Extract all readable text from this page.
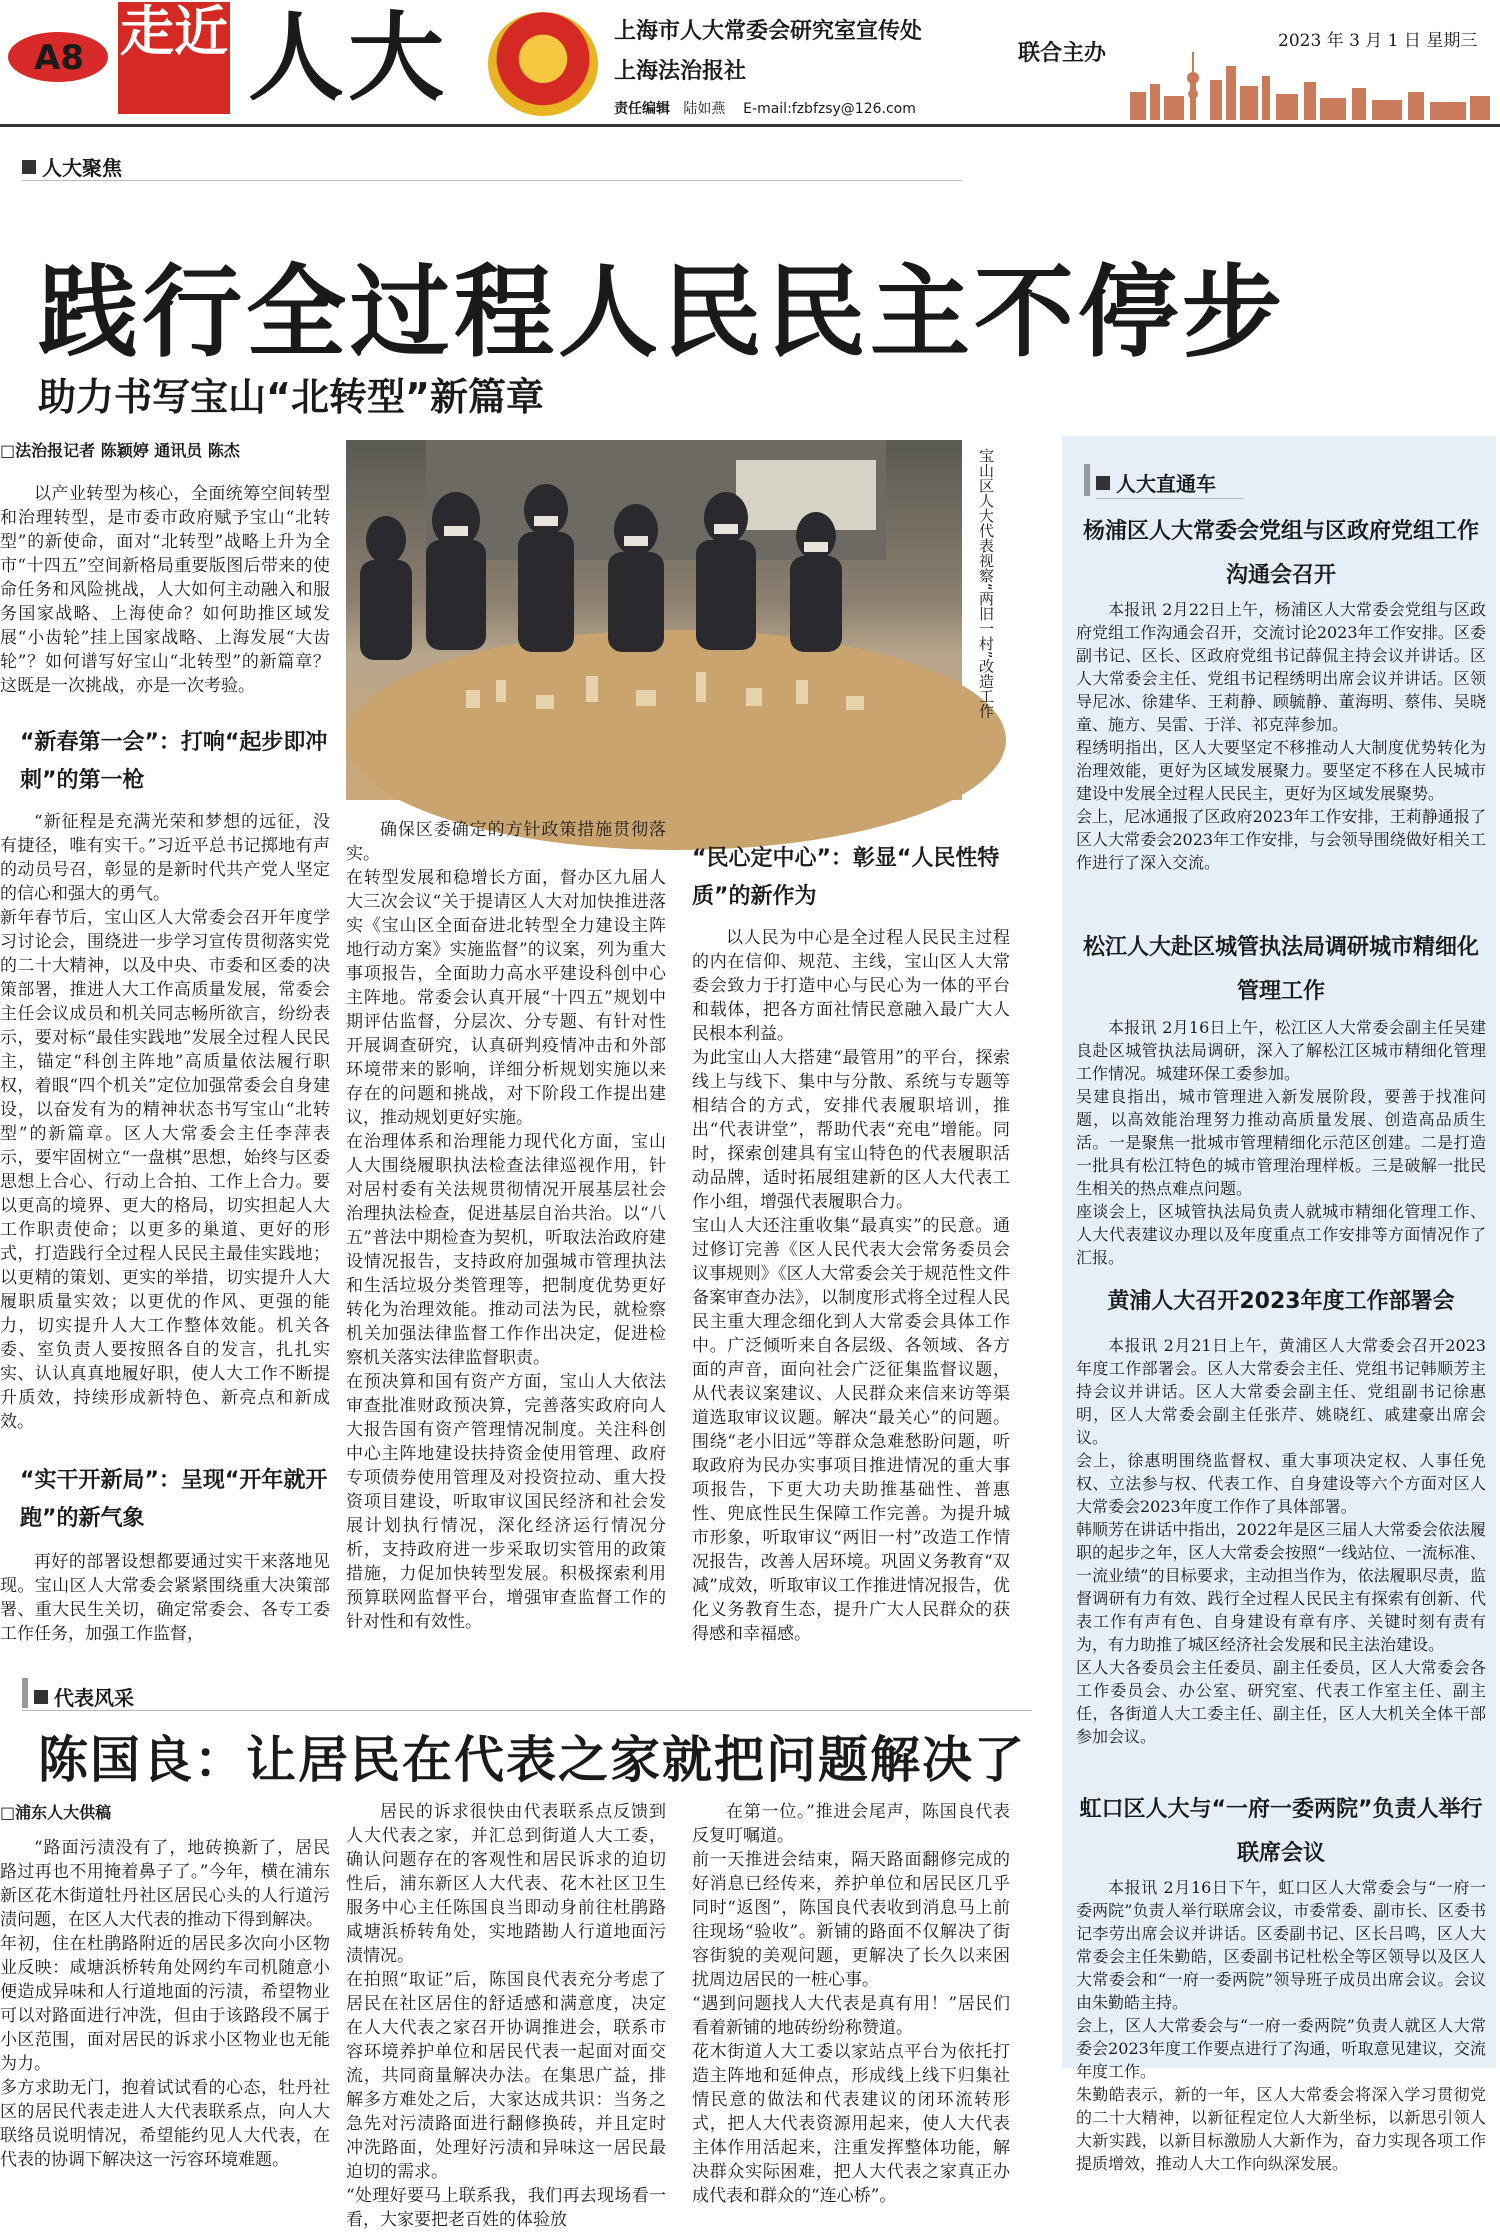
A8 走近 人大	上海市人大常委会研究室宣传处
上海法治报社
责任编辑 陆如燕 E-mail:fzbfzsy@126.com
联合主办	2023 年 3 月 1 日 星期三
人大聚焦
践行全过程人民民主不停步
助力书写宝山“北转型”新篇章
□法治报记者 陈颖婷 通讯员 陈杰
以产业转型为核心，全面统筹空间转型和治理转型，是市委市政府赋予宝山“北转型”的新使命，面对“北转型”战略上升为全市“十四五”空间新格局重要版图后带来的使命任务和风险挑战，人大如何主动融入和服务国家战略、上海使命？如何助推区域发展“小齿轮”挂上国家战略、上海发展“大齿轮”？如何谱写好宝山“北转型”的新篇章？这既是一次挑战，亦是一次考验。
“新春第一会”：打响“起步即冲刺”的第一枪
“新征程是充满光荣和梦想的远征，没有捷径，唯有实干。”习近平总书记掷地有声的动员号召，彰显的是新时代共产党人坚定的信心和强大的勇气。
新年春节后，宝山区人大常委会召开年度学习讨论会，围绕进一步学习宣传贯彻落实党的二十大精神，以及中央、市委和区委的决策部署，推进人大工作高质量发展，常委会主任会议成员和机关同志畅所欲言，纷纷表示，要对标“最佳实践地”发展全过程人民民主，锚定“科创主阵地”高质量依法履行职权，着眼“四个机关”定位加强常委会自身建设，以奋发有为的精神状态书写宝山“北转型”的新篇章。区人大常委会主任李萍表示，要牢固树立“一盘棋”思想，始终与区委思想上合心、行动上合拍、工作上合力。要以更高的境界、更大的格局，切实担起人大工作职责使命；以更多的巢道、更好的形式，打造践行全过程人民民主最佳实践地；以更精的策划、更实的举措，切实提升人大履职质量实效；以更优的作风、更强的能力，切实提升人大工作整体效能。机关各委、室负责人要按照各自的发言，扎扎实实、认认真真地履好职，使人大工作不断提升质效，持续形成新特色、新亮点和新成效。
“实干开新局”：呈现“开年就开跑”的新气象
再好的部署设想都要通过实干来落地见现。宝山区人大常委会紧紧围绕重大决策部署、重大民生关切，确定常委会、各专工委工作任务，加强工作监督，
宝山区人大代表视察“两旧一村”改造工作
确保区委确定的方针政策措施贯彻落实。
在转型发展和稳增长方面，督办区九届人大三次会议“关于提请区人大对加快推进落实《宝山区全面奋进北转型全力建设主阵地行动方案》实施监督”的议案，列为重大事项报告，全面助力高水平建设科创中心主阵地。常委会认真开展“十四五”规划中期评估监督，分层次、分专题、有针对性开展调查研究，认真研判疫情冲击和外部环境带来的影响，详细分析规划实施以来存在的问题和挑战，对下阶段工作提出建议，推动规划更好实施。
在治理体系和治理能力现代化方面，宝山人大围绕履职执法检查法律巡视作用，针对居村委有关法规贯彻情况开展基层社会治理执法检查，促进基层自治共治。以“八五”普法中期检查为契机，听取法治政府建设情况报告，支持政府加强城市管理执法和生活垃圾分类管理等，把制度优势更好转化为治理效能。推动司法为民，就检察机关加强法律监督工作作出决定，促进检察机关落实法律监督职责。
在预决算和国有资产方面，宝山人大依法审查批准财政预决算，完善落实政府向人大报告国有资产管理情况制度。关注科创中心主阵地建设扶持资金使用管理、政府专项债券使用管理及对投资拉动、重大投资项目建设，听取审议国民经济和社会发展计划执行情况，深化经济运行情况分析，支持政府进一步采取切实管用的政策措施，力促加快转型发展。积极探索利用预算联网监督平台，增强审查监督工作的针对性和有效性。
“民心定中心”：彰显“人民性特质”的新作为
以人民为中心是全过程人民民主过程的内在信仰、规范、主线，宝山区人大常委会致力于打造中心与民心为一体的平台和载体，把各方面社情民意融入最广大人民根本利益。
为此宝山人大搭建“最管用”的平台，探索线上与线下、集中与分散、系统与专题等相结合的方式，安排代表履职培训，推出“代表讲堂”，帮助代表“充电”增能。同时，探索创建具有宝山特色的代表履职活动品牌，适时拓展组建新的区人大代表工作小组，增强代表履职合力。
宝山人大还注重收集“最真实”的民意。通过修订完善《区人民代表大会常务委员会议事规则》《区人大常委会关于规范性文件备案审查办法》，以制度形式将全过程人民民主重大理念细化到人大常委会具体工作中。广泛倾听来自各层级、各领域、各方面的声音，面向社会广泛征集监督议题，从代表议案建议、人民群众来信来访等渠道选取审议议题。解决“最关心”的问题。围绕“老小旧远”等群众急难愁盼问题，听取政府为民办实事项目推进情况的重大事项报告，下更大功夫助推基础性、普惠性、兜底性民生保障工作完善。为提升城市形象，听取审议“两旧一村”改造工作情况报告，改善人居环境。巩固义务教育“双减”成效，听取审议工作推进情况报告，优化义务教育生态，提升广大人民群众的获得感和幸福感。
人大直通车
杨浦区人大常委会党组与区政府党组工作沟通会召开
本报讯 2月22日上午，杨浦区人大常委会党组与区政府党组工作沟通会召开，交流讨论2023年工作安排。区委副书记、区长、区政府党组书记薛侃主持会议并讲话。区人大常委会主任、党组书记程绣明出席会议并讲话。区领导尼冰、徐建华、王莉静、顾毓静、董海明、蔡伟、吴晓童、施方、吴雷、于洋、祁克萍参加。
程绣明指出，区人大要坚定不移推动人大制度优势转化为治理效能，更好为区域发展聚力。要坚定不移在人民城市建设中发展全过程人民民主，更好为区域发展聚势。
会上，尼冰通报了区政府2023年工作安排，王莉静通报了区人大常委会2023年工作安排，与会领导围绕做好相关工作进行了深入交流。
松江人大赴区城管执法局调研城市精细化管理工作
本报讯 2月16日上午，松江区人大常委会副主任吴建良赴区城管执法局调研，深入了解松江区城市精细化管理工作情况。城建环保工委参加。
吴建良指出，城市管理进入新发展阶段，要善于找准问题，以高效能治理努力推动高质量发展、创造高品质生活。一是聚焦一批城市管理精细化示范区创建。二是打造一批具有松江特色的城市管理治理样板。三是破解一批民生相关的热点难点问题。
座谈会上，区城管执法局负责人就城市精细化管理工作、人大代表建议办理以及年度重点工作安排等方面情况作了汇报。
黄浦人大召开2023年度工作部署会
本报讯 2月21日上午，黄浦区人大常委会召开2023年度工作部署会。区人大常委会主任、党组书记韩顺芳主持会议并讲话。区人大常委会副主任、党组副书记徐惠明，区人大常委会副主任张芹、姚晓红、戚建豪出席会议。
会上，徐惠明围绕监督权、重大事项决定权、人事任免权、立法参与权、代表工作、自身建设等六个方面对区人大常委会2023年度工作作了具体部署。
韩顺芳在讲话中指出，2022年是区三届人大常委会依法履职的起步之年，区人大常委会按照“一线站位、一流标准、一流业绩”的目标要求，主动担当作为，依法履职尽责，监督调研有力有效、践行全过程人民民主有探索有创新、代表工作有声有色、自身建设有章有序、关键时刻有责有为，有力助推了城区经济社会发展和民主法治建设。
区人大各委员会主任委员、副主任委员，区人大常委会各工作委员会、办公室、研究室、代表工作室主任、副主任，各街道人大工委主任、副主任，区人大机关全体干部参加会议。
虹口区人大与“一府一委两院”负责人举行联席会议
本报讯 2月16日下午，虹口区人大常委会与“一府一委两院”负责人举行联席会议，市委常委、副市长、区委书记李劳出席会议并讲话。区委副书记、区长吕鸣，区人大常委会主任朱勤皓，区委副书记杜松全等区领导以及区人大常委会和“一府一委两院”领导班子成员出席会议。会议由朱勤皓主持。
会上，区人大常委会与“一府一委两院”负责人就区人大常委会2023年度工作要点进行了沟通，听取意见建议，交流年度工作。
朱勤皓表示，新的一年，区人大常委会将深入学习贯彻党的二十大精神，以新征程定位人大新坐标，以新思引领人大新实践，以新目标激励人大新作为，奋力实现各项工作提质增效，推动人大工作向纵深发展。
代表风采
陈国良：让居民在代表之家就把问题解决了
□浦东人大供稿
“路面污渍没有了，地砖换新了，居民路过再也不用掩着鼻子了。”今年，横在浦东新区花木街道牡丹社区居民心头的人行道污渍问题，在区人大代表的推动下得到解决。
年初，住在杜鹃路附近的居民多次向小区物业反映：咸塘浜桥转角处网约车司机随意小便造成异味和人行道地面的污渍，希望物业可以对路面进行冲洗，但由于该路段不属于小区范围，面对居民的诉求小区物业也无能为力。
多方求助无门，抱着试试看的心态，牡丹社区的居民代表走进人大代表联系点，向人大联络员说明情况，希望能约见人大代表，在代表的协调下解决这一污容环境难题。
居民的诉求很快由代表联系点反馈到人大代表之家，并汇总到街道人大工委，确认问题存在的客观性和居民诉求的迫切性后，浦东新区人大代表、花木社区卫生服务中心主任陈国良当即动身前往杜鹃路咸塘浜桥转角处，实地踏勘人行道地面污渍情况。
在拍照“取证”后，陈国良代表充分考虑了居民在社区居住的舒适感和满意度，决定在人大代表之家召开协调推进会，联系市容环境养护单位和居民代表一起面对面交流，共同商量解决办法。在集思广益，排解多方难处之后，大家达成共识：当务之急先对污渍路面进行翻修换砖，并且定时冲洗路面，处理好污渍和异味这一居民最迫切的需求。
“处理好要马上联系我，我们再去现场看一看，大家要把老百姓的体验放
在第一位。”推进会尾声，陈国良代表反复叮嘱道。
前一天推进会结束，隔天路面翻修完成的好消息已经传来，养护单位和居民区几乎同时“返图”，陈国良代表收到消息马上前往现场“验收”。新铺的路面不仅解决了街容街貌的美观问题，更解决了长久以来困扰周边居民的一桩心事。
“遇到问题找人大代表是真有用！”居民们看着新铺的地砖纷纷称赞道。
花木街道人大工委以家站点平台为依托打造主阵地和延伸点，形成线上线下归集社情民意的做法和代表建议的闭环流转形式，把人大代表资源用起来，使人大代表主体作用活起来，注重发挥整体功能，解决群众实际困难，把人大代表之家真正办成代表和群众的“连心桥”。
